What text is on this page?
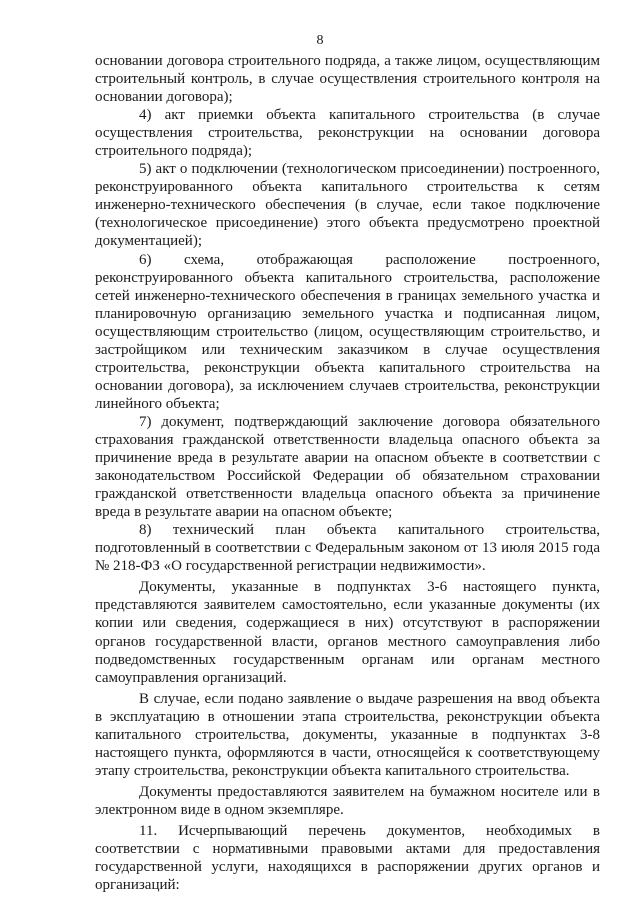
8

основании договора строительного подряда, а также лицом, осуществляющим строительный контроль, в случае осуществления строительного контроля на основании договора);

4) акт приемки объекта капитального строительства (в случае осуществления строительства, реконструкции на основании договора строительного подряда);

5) акт о подключении (технологическом присоединении) построенного, реконструированного объекта капитального строительства к сетям инженерно-технического обеспечения (в случае, если такое подключение (технологическое присоединение) этого объекта предусмотрено проектной документацией);

6) схема, отображающая расположение построенного, реконструированного объекта капитального строительства, расположение сетей инженерно-технического обеспечения в границах земельного участка и планировочную организацию земельного участка и подписанная лицом, осуществляющим строительство (лицом, осуществляющим строительство, и застройщиком или техническим заказчиком в случае осуществления строительства, реконструкции объекта капитального строительства на основании договора), за исключением случаев строительства, реконструкции линейного объекта;

7) документ, подтверждающий заключение договора обязательного страхования гражданской ответственности владельца опасного объекта за причинение вреда в результате аварии на опасном объекте в соответствии с законодательством Российской Федерации об обязательном страховании гражданской ответственности владельца опасного объекта за причинение вреда в результате аварии на опасном объекте;

8) технический план объекта капитального строительства, подготовленный в соответствии с Федеральным законом от 13 июля 2015 года № 218-ФЗ «О государственной регистрации недвижимости».

Документы, указанные в подпунктах 3-6 настоящего пункта, представляются заявителем самостоятельно, если указанные документы (их копии или сведения, содержащиеся в них) отсутствуют в распоряжении органов государственной власти, органов местного самоуправления либо подведомственных государственным органам или органам местного самоуправления организаций.

В случае, если подано заявление о выдаче разрешения на ввод объекта в эксплуатацию в отношении этапа строительства, реконструкции объекта капитального строительства, документы, указанные в подпунктах 3-8 настоящего пункта, оформляются в части, относящейся к соответствующему этапу строительства, реконструкции объекта капитального строительства.

Документы предоставляются заявителем на бумажном носителе или в электронном виде в одном экземпляре.

11. Исчерпывающий перечень документов, необходимых в соответствии с нормативными правовыми актами для предоставления государственной услуги, находящихся в распоряжении других органов и организаций:
